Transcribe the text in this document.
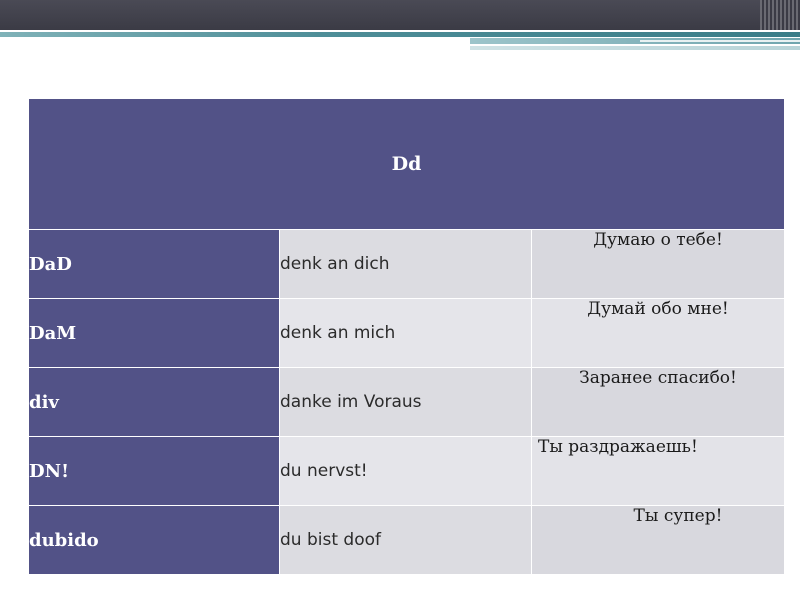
Dd		
DaD	denk an dich	Думаю о тебе!
DaM	denk an mich	Думай обо мне!
div	danke im Voraus	Заранее спасибо!
DN!	du nervst!	Ты раздражаешь!
dubido	du bist doof	Ты супер!
